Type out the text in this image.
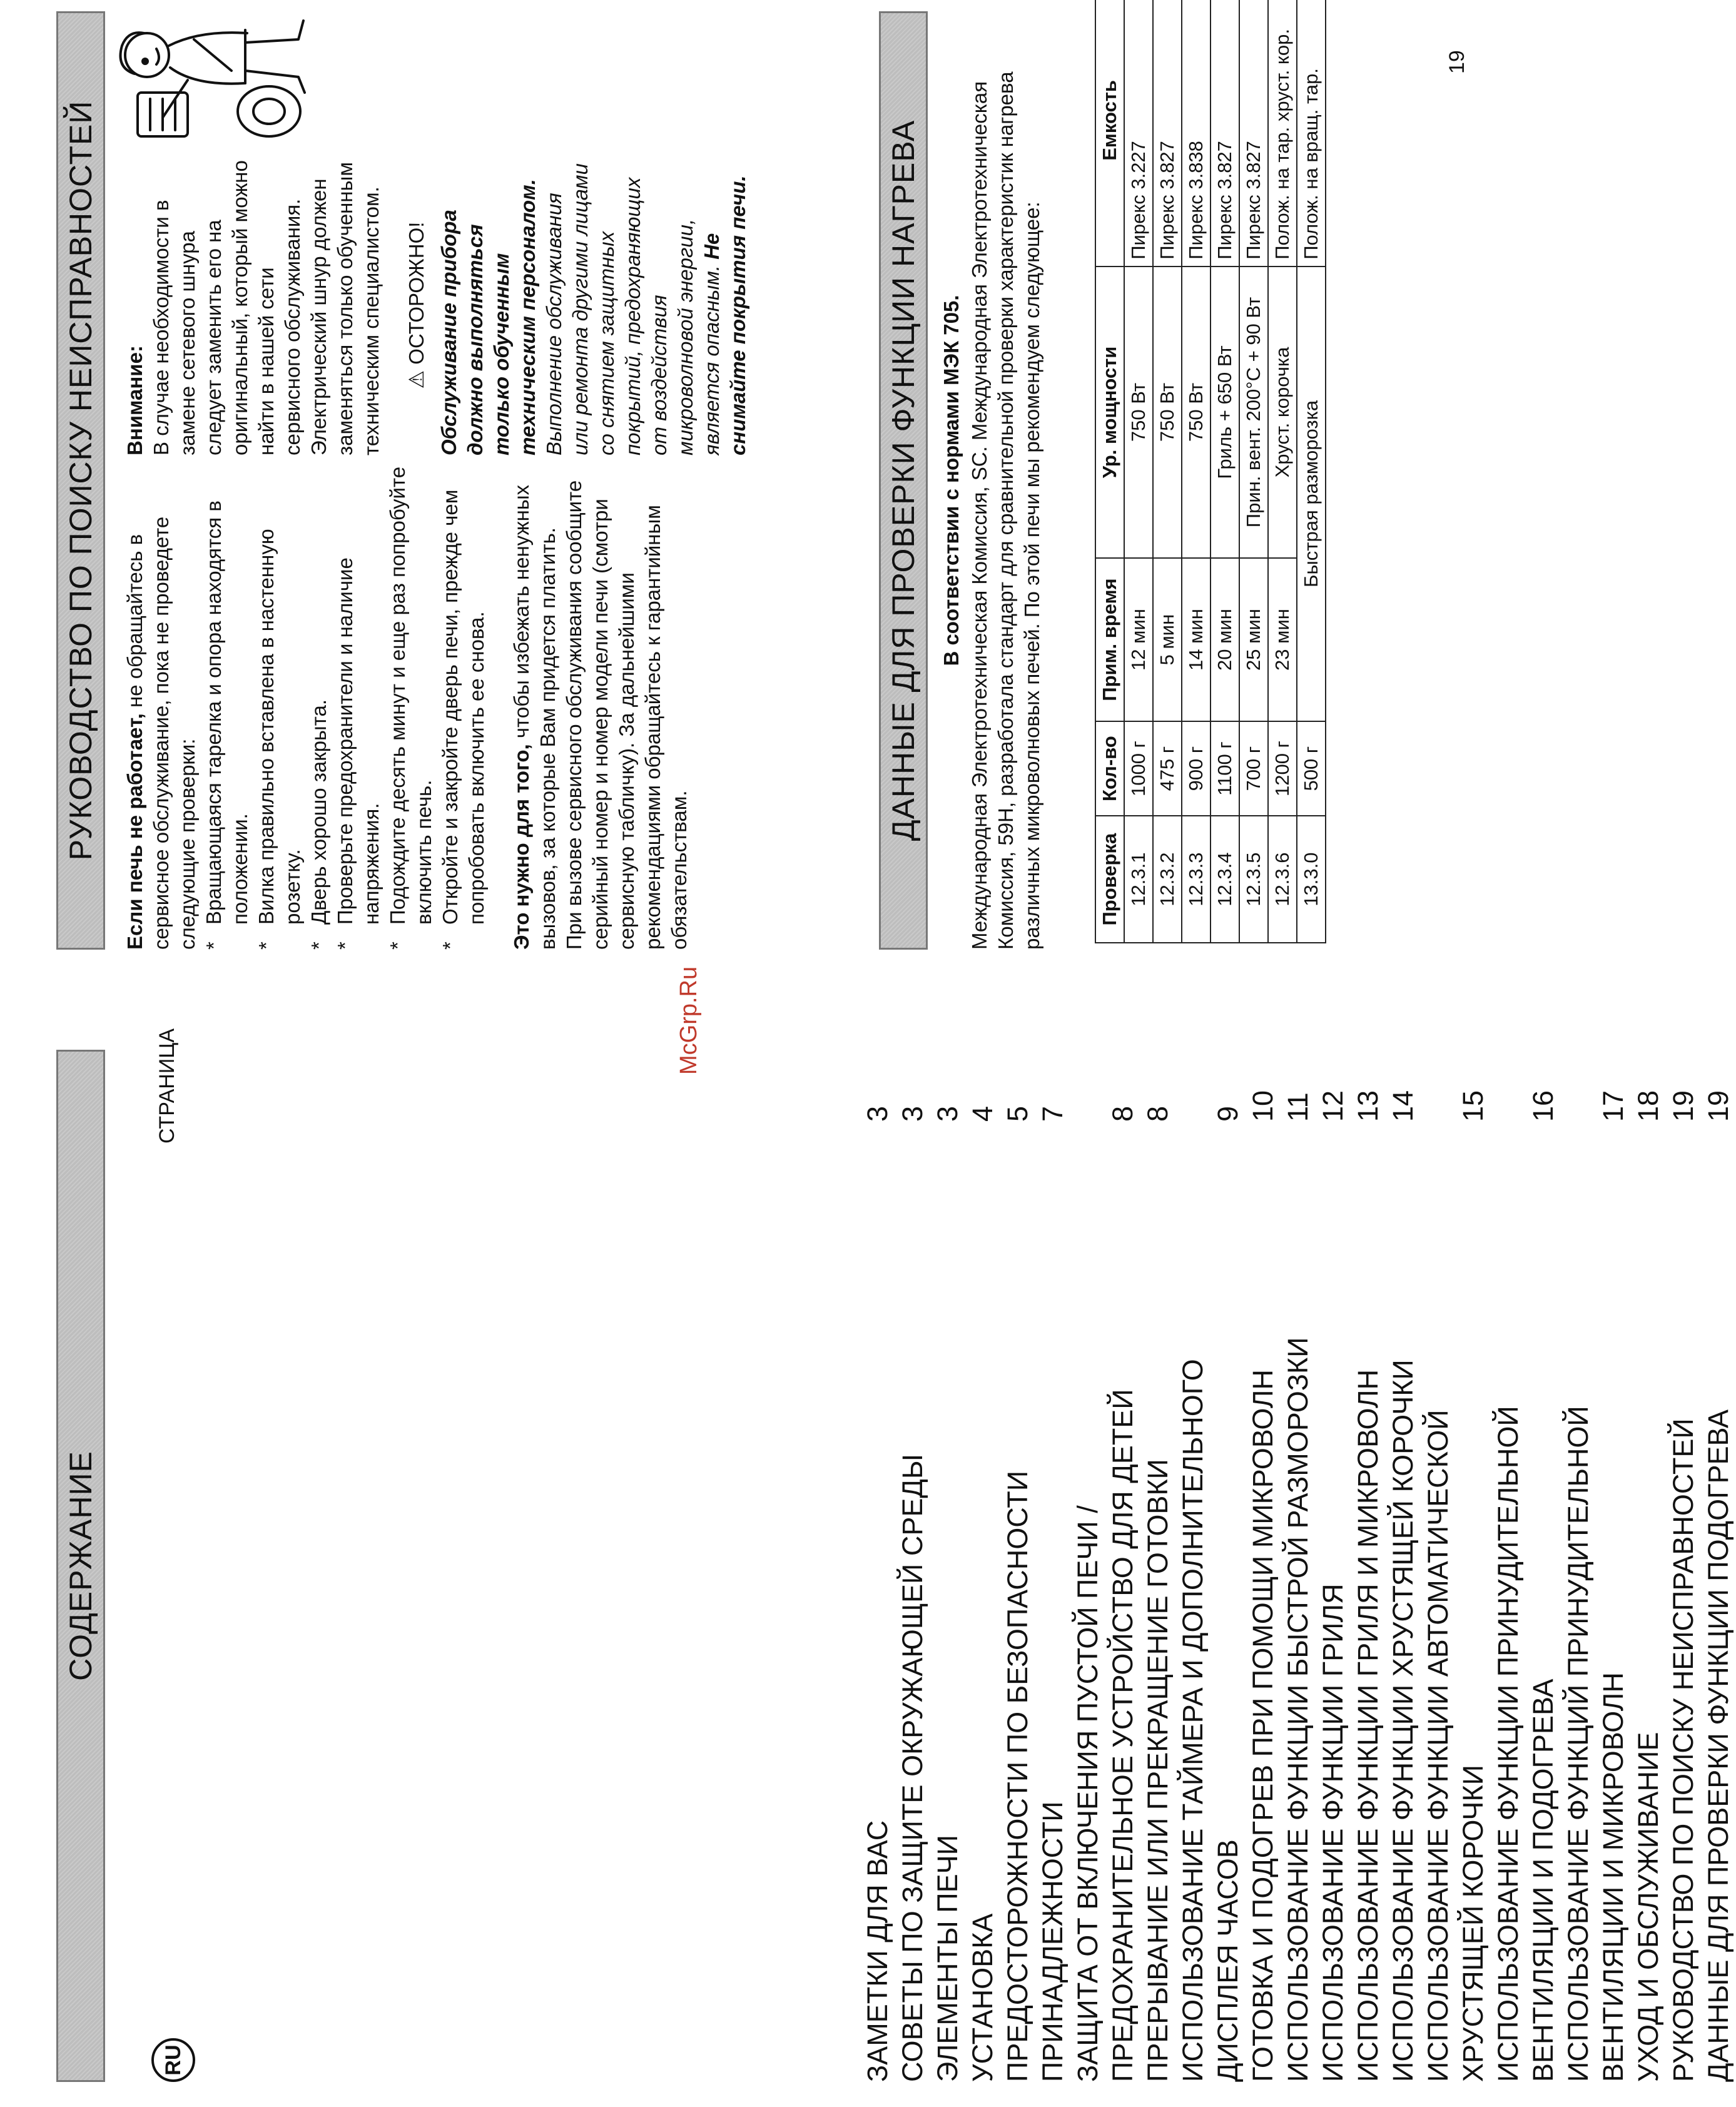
СОДЕРЖАНИЕ
RU
СТРАНИЦА
ЗАМЕТКИ ДЛЯ ВАС
3
СОВЕТЫ ПО ЗАЩИТЕ ОКРУЖАЮЩЕЙ СРЕДЫ
3
ЭЛЕМЕНТЫ ПЕЧИ
3
УСТАНОВКА
4
ПРЕДОСТОРОЖНОСТИ ПО БЕЗОПАСНОСТИ
5
ПРИНАДЛЕЖНОСТИ
7
ЗАЩИТА ОТ ВКЛЮЧЕНИЯ ПУСТОЙ ПЕЧИ / ПРЕДОХРАНИТЕЛЬНОЕ УСТРОЙСТВО ДЛЯ ДЕТЕЙ
8
ПРЕРЫВАНИЕ ИЛИ ПРЕКРАЩЕНИЕ ГОТОВКИ
8
ИСПОЛЬЗОВАНИЕ ТАЙМЕРА И ДОПОЛНИТЕЛЬНОГО ДИСПЛЕЯ ЧАСОВ
9
ГОТОВКА И ПОДОГРЕВ ПРИ ПОМОЩИ МИКРОВОЛН
10
ИСПОЛЬЗОВАНИЕ ФУНКЦИИ БЫСТРОЙ РАЗМОРОЗКИ
11
ИСПОЛЬЗОВАНИЕ ФУНКЦИИ ГРИЛЯ
12
ИСПОЛЬЗОВАНИЕ ФУНКЦИИ ГРИЛЯ И МИКРОВОЛН
13
ИСПОЛЬЗОВАНИЕ ФУНКЦИИ ХРУСТЯЩЕЙ КОРОЧКИ
14
ИСПОЛЬЗОВАНИЕ ФУНКЦИИ АВТОМАТИЧЕСКОЙ ХРУСТЯЩЕЙ КОРОЧКИ
15
ИСПОЛЬЗОВАНИЕ ФУНКЦИИ ПРИНУДИТЕЛЬНОЙ ВЕНТИЛЯЦИИ И ПОДОГРЕВА
16
ИСПОЛЬЗОВАНИЕ ФУНКЦИЙ ПРИНУДИТЕЛЬНОЙ ВЕНТИЛЯЦИИ И МИКРОВОЛН
17
УХОД И ОБСЛУЖИВАНИЕ
18
РУКОВОДСТВО ПО ПОИСКУ НЕИСПРАВНОСТЕЙ
19
ДАННЫЕ ДЛЯ ПРОВЕРКИ ФУНКЦИИ ПОДОГРЕВА
19
РУКОВОДСТВО ПО ПОИСКУ НЕИСПРАВНОСТЕЙ Если печь не работает, не обращайтесь в сервисное обслуживание, пока не проведете следующие проверки: *
Вращающаяся тарелка и опора находятся в положении.
*
Вилка правильно вставлена в настенную розетку.
*
Дверь хорошо закрыта.
*
Проверьте предохранители и наличие напряжения.
*
Подождите десять минут и еще раз попробуйте включить печь.
*
Откройте и закройте дверь печи, прежде чем попробовать включить ее снова. Это нужно для того, чтобы избежать ненужных вызовов, за которые Вам придется платить. При вызове сервисного обслуживания сообщите серийный номер и номер модели печи (смотри сервисную табличку). За дальнейшими рекомендациями обращайтесь к гарантийным обязательствам.
Внимание: В случае необходимости в замене сетевого шнура следует заменить его на оригинальный, который можно найти в нашей сети сервисного обслуживания. Электрический шнур должен заменяться только обученным техническим специалистом. ⚠ ОСТОРОЖНО! Обслуживание прибора должно выполняться только обученным техническим персоналом. Выполнение обслуживания или ремонта другими лицами со снятием защитных покрытий, предохраняющих от воздействия микроволновой энергии, является опасным. Не снимайте покрытия печи.	ДАННЫЕ ДЛЯ ПРОВЕРКИ ФУНКЦИИ НАГРЕВА В соответствии с нормами МЭК 705. Международная Электротехническая Комиссия, SC. Международная Электротехническая Комиссия, 59Н, разработала стандарт для сравнительной проверки характеристик нагрева различных микроволновых печей. По этой печи мы рекомендуем следующее:	Проверка	Кол-во	Прим. время	Ур. мощности	Емкость
12.3.1	1000 г	12 мин	750 Вт	Пирекс 3.227
12.3.2	475 г	5 мин	750 Вт	Пирекс 3.827
12.3.3	900 г	14 мин	750 Вт	Пирекс 3.838
12.3.4	1100 г	20 мин	Гриль + 650 Вт	Пирекс 3.827
12.3.5	700 г	25 мин	Прин. вент. 200°C + 90 Вт	Пирекс 3.827
12.3.6	1200 г	23 мин	Хруст. корочка	Полож. на тар. хруст. кор.
13.3.0	500 г	Быстрая разморозка		Полож. на вращ. тар.
McGrp.Ru
19
